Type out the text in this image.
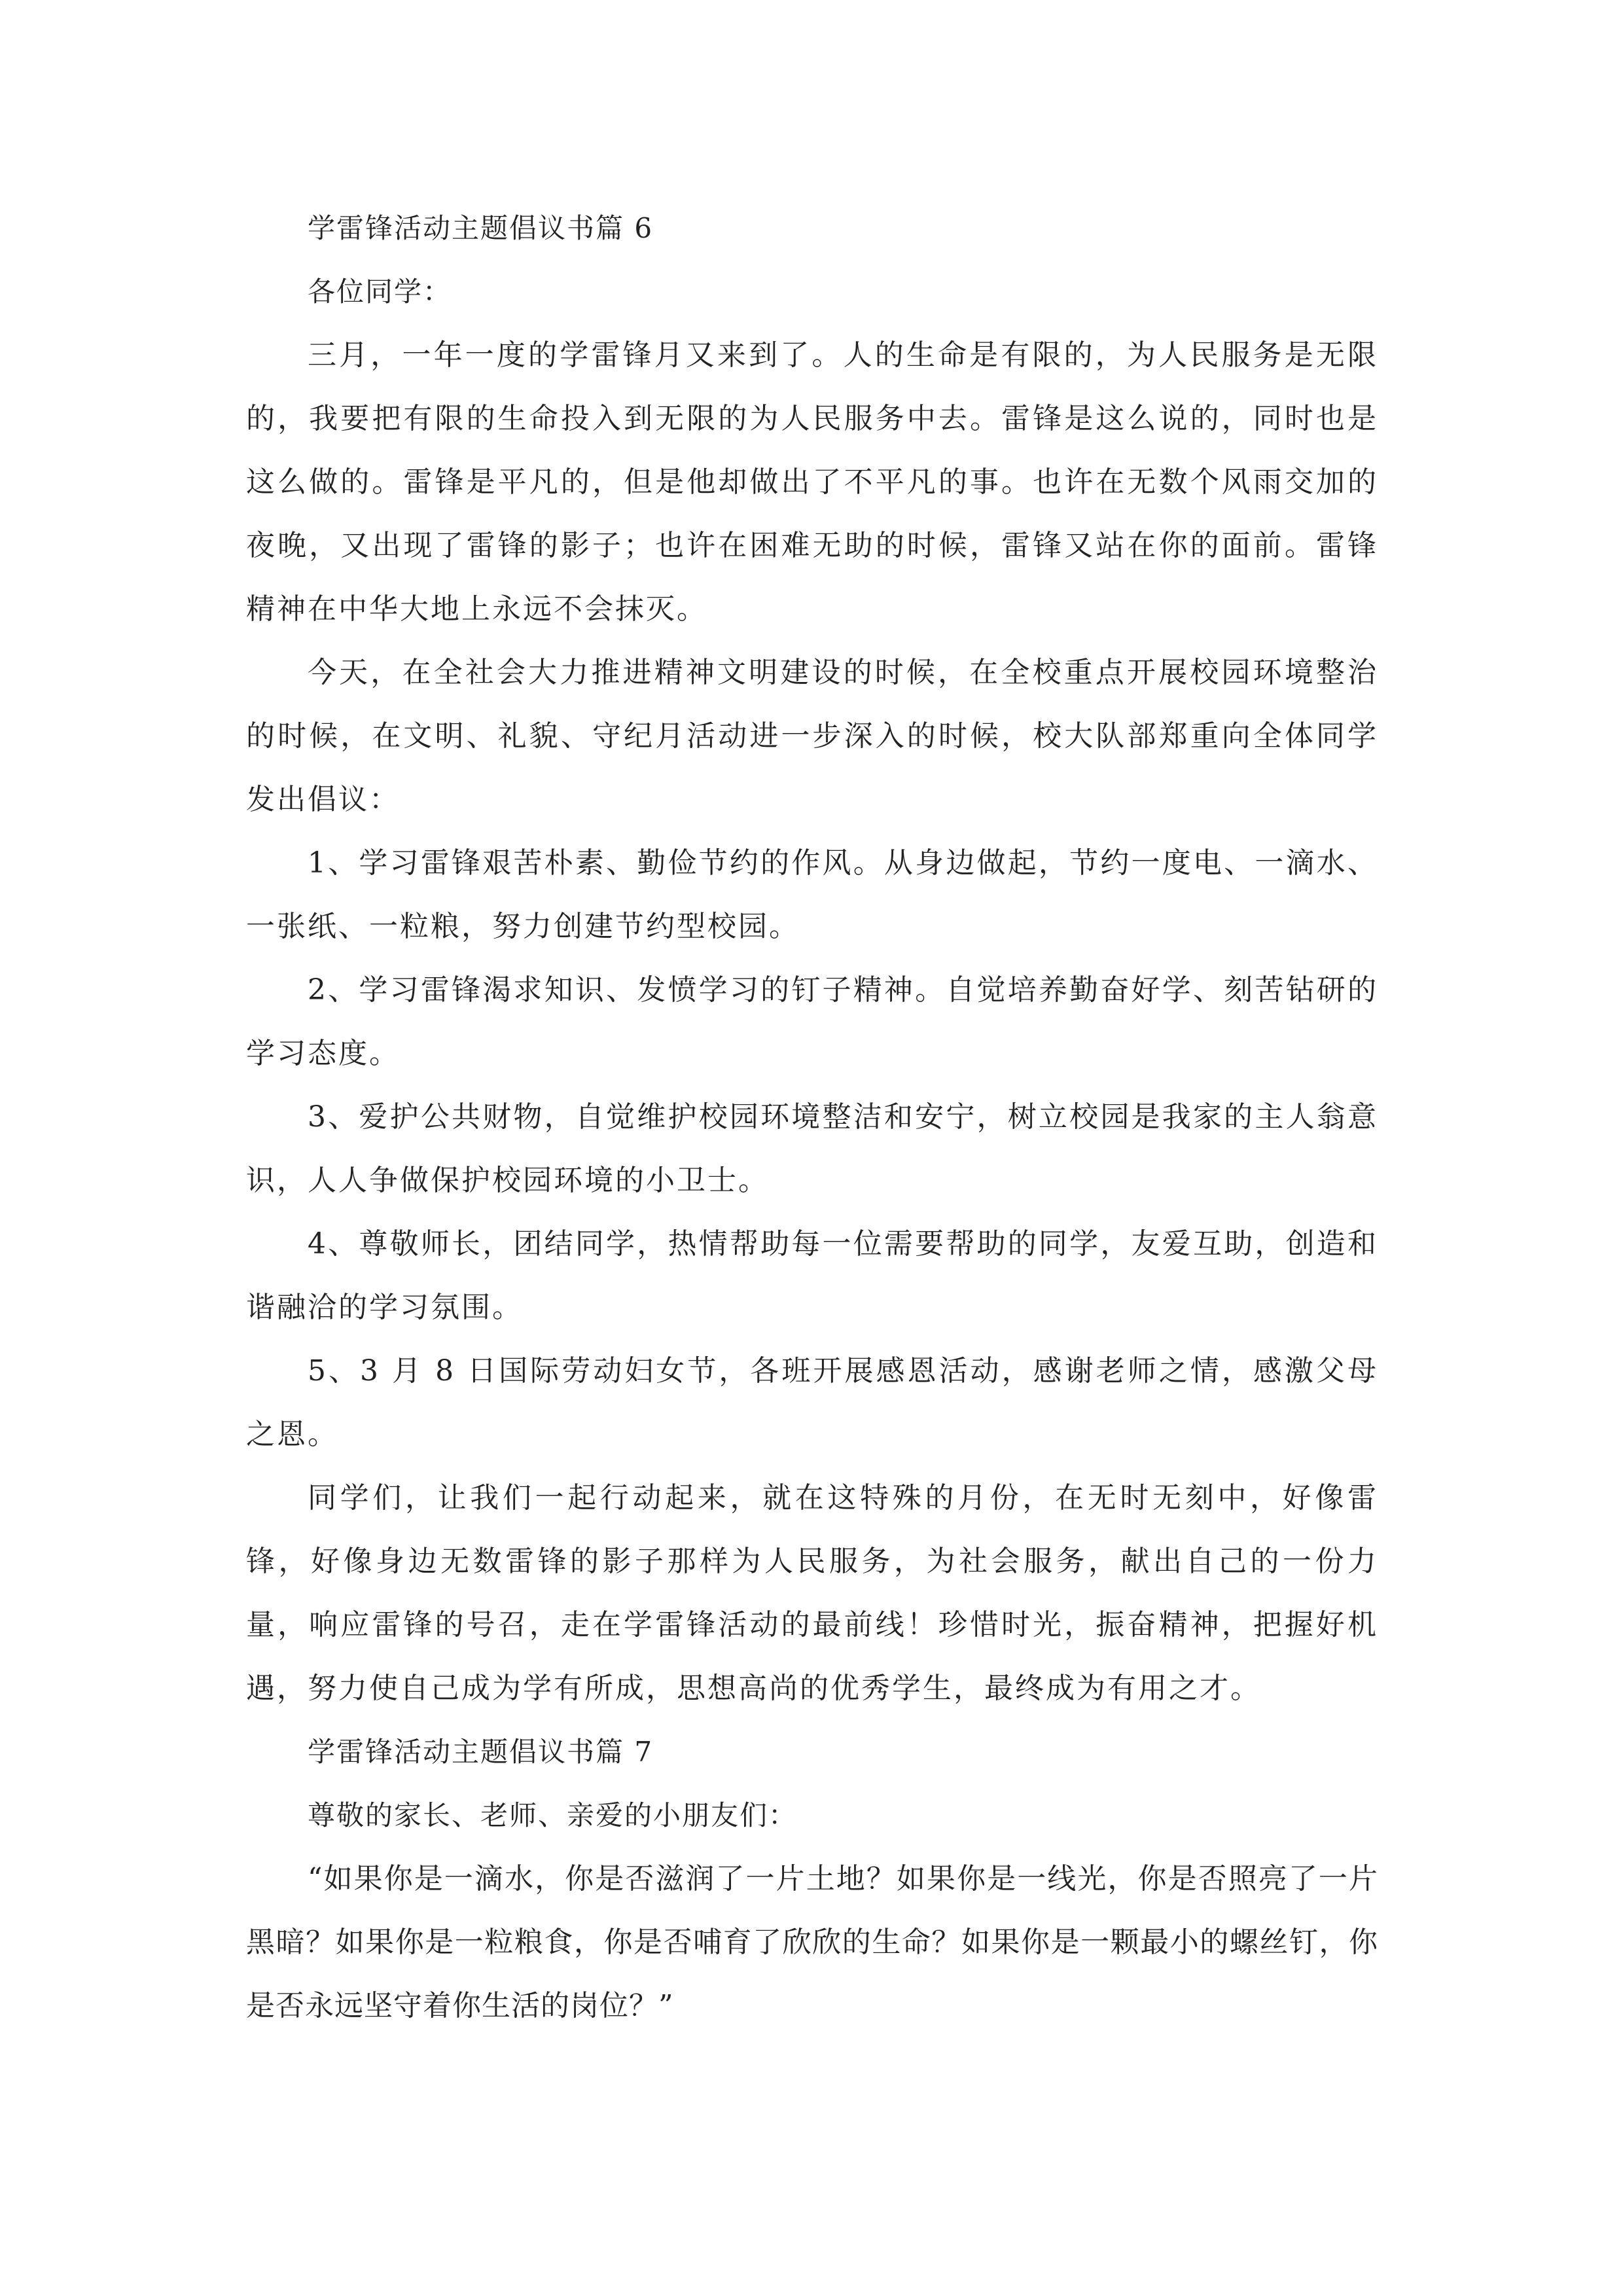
学雷锋活动主题倡议书篇 6

各位同学：

三月，一年一度的学雷锋月又来到了。人的生命是有限的，为人民服务是无限的，我要把有限的生命投入到无限的为人民服务中去。雷锋是这么说的，同时也是这么做的。雷锋是平凡的，但是他却做出了不平凡的事。也许在无数个风雨交加的夜晚，又出现了雷锋的影子；也许在困难无助的时候，雷锋又站在你的面前。雷锋精神在中华大地上永远不会抹灭。

今天，在全社会大力推进精神文明建设的时候，在全校重点开展校园环境整治的时候，在文明、礼貌、守纪月活动进一步深入的时候，校大队部郑重向全体同学发出倡议：

1、学习雷锋艰苦朴素、勤俭节约的作风。从身边做起，节约一度电、一滴水、一张纸、一粒粮，努力创建节约型校园。

2、学习雷锋渴求知识、发愤学习的钉子精神。自觉培养勤奋好学、刻苦钻研的学习态度。

3、爱护公共财物，自觉维护校园环境整洁和安宁，树立校园是我家的主人翁意识，人人争做保护校园环境的小卫士。

4、尊敬师长，团结同学，热情帮助每一位需要帮助的同学，友爱互助，创造和谐融洽的学习氛围。

5、3 月 8 日国际劳动妇女节，各班开展感恩活动，感谢老师之情，感激父母之恩。

同学们，让我们一起行动起来，就在这特殊的月份，在无时无刻中，好像雷锋，好像身边无数雷锋的影子那样为人民服务，为社会服务，献出自己的一份力量，响应雷锋的号召，走在学雷锋活动的最前线！珍惜时光，振奋精神，把握好机遇，努力使自己成为学有所成，思想高尚的优秀学生，最终成为有用之才。

学雷锋活动主题倡议书篇 7

尊敬的家长、老师、亲爱的小朋友们：

“如果你是一滴水，你是否滋润了一片土地？如果你是一线光，你是否照亮了一片黑暗？如果你是一粒粮食，你是否哺育了欣欣的生命？如果你是一颗最小的螺丝钉，你是否永远坚守着你生活的岗位？”
